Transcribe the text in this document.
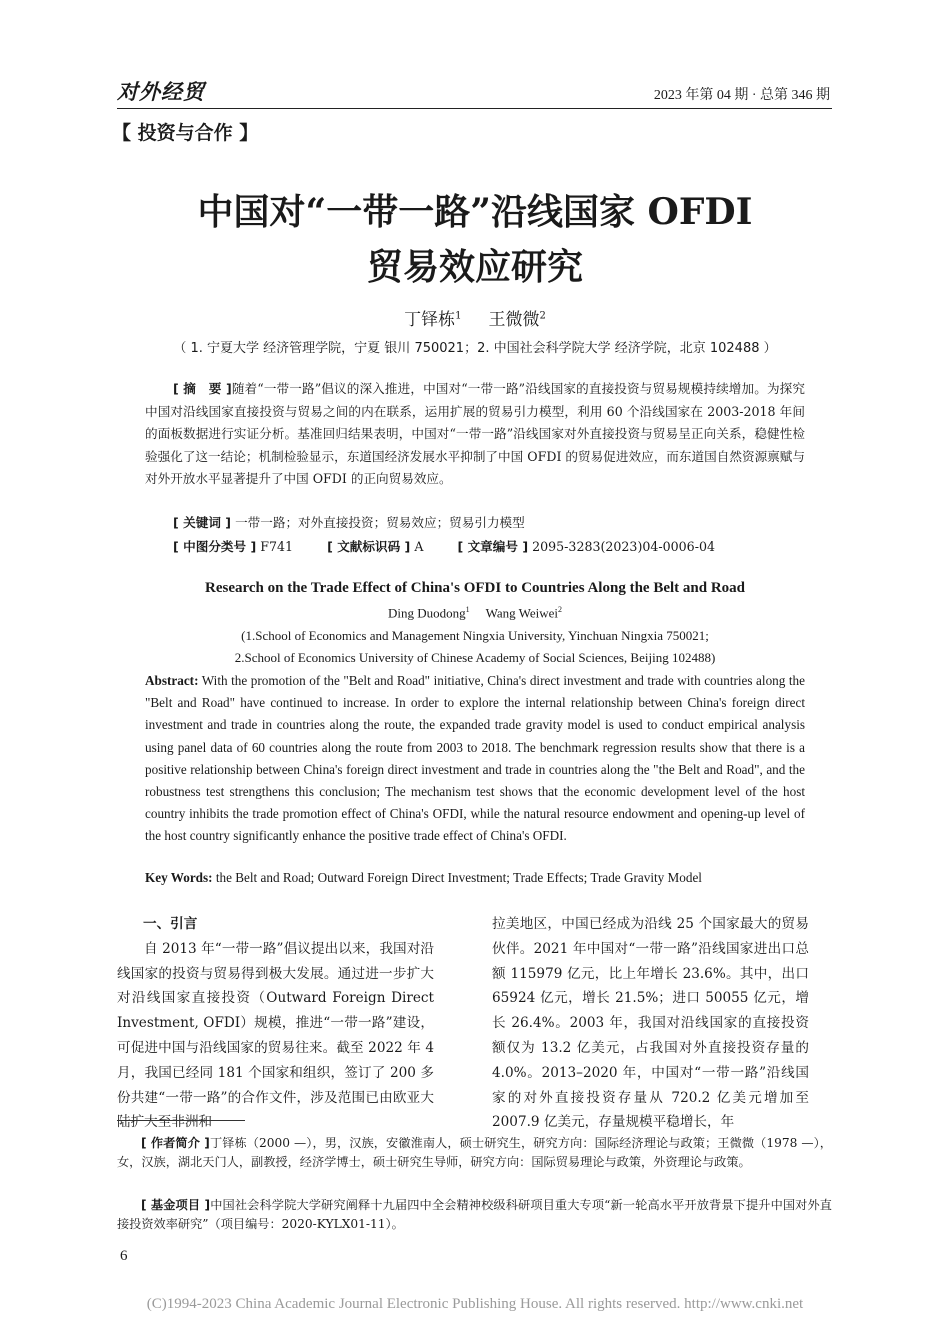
对外经贸	2023 年第 04 期 · 总第 346 期
【 投资与合作 】
中国对“一带一路”沿线国家 OFDI
贸易效应研究
丁铎栋$^1$ 王微微$^2$
（ 1. 宁夏大学 经济管理学院，宁夏 银川 750021；2. 中国社会科学院大学 经济学院，北京 102488 ）

[ 摘　要 ]随着“一带一路”倡议的深入推进，中国对“一带一路”沿线国家的直接投资与贸易规模持续增加。为探究中国对沿线国家直接投资与贸易之间的内在联系，运用扩展的贸易引力模型，利用 60 个沿线国家在 2003-2018 年间的面板数据进行实证分析。基准回归结果表明，中国对“一带一路”沿线国家对外直接投资与贸易呈正向关系，稳健性检验强化了这一结论；机制检验显示，东道国经济发展水平抑制了中国 OFDI 的贸易促进效应，而东道国自然资源禀赋与对外开放水平显著提升了中国 OFDI 的正向贸易效应。

[ 关键词 ] 一带一路；对外直接投资；贸易效应；贸易引力模型
[ 中图分类号 ] F741	[ 文献标识码 ] A	[ 文章编号 ] 2095-3283(2023)04-0006-04
Research on the Trade Effect of China's OFDI to Countries Along the Belt and Road
Ding Duodong$^1$ Wang Weiwei$^2$
(1.School of Economics and Management Ningxia University, Yinchuan Ningxia 750021;
2.School of Economics University of Chinese Academy of Social Sciences, Beijing 102488)

Abstract: With the promotion of the "Belt and Road" initiative, China's direct investment and trade with countries along the "Belt and Road" have continued to increase. In order to explore the internal relationship between China's foreign direct investment and trade in countries along the route, the expanded trade gravity model is used to conduct empirical analysis using panel data of 60 countries along the route from 2003 to 2018. The benchmark regression results show that there is a positive relationship between China's foreign direct investment and trade in countries along the "the Belt and Road", and the robustness test strengthens this conclusion; The mechanism test shows that the economic development level of the host country inhibits the trade promotion effect of China's OFDI, while the natural resource endowment and opening-up level of the host country significantly enhance the positive trade effect of China's OFDI.

Key Words: the Belt and Road; Outward Foreign Direct Investment; Trade Effects; Trade Gravity Model

一、引言

自 2013 年“一带一路”倡议提出以来，我国对沿线国家的投资与贸易得到极大发展。通过进一步扩大对沿线国家直接投资（Outward Foreign Direct Investment, OFDI）规模，推进“一带一路”建设，可促进中国与沿线国家的贸易往来。截至 2022 年 4 月，我国已经同 181 个国家和组织，签订了 200 多份共建“一带一路”的合作文件，涉及范围已由欧亚大陆扩大至非洲和

拉美地区，中国已经成为沿线 25 个国家最大的贸易伙伴。2021 年中国对“一带一路”沿线国家进出口总额 115979 亿元，比上年增长 23.6%。其中，出口 65924 亿元，增长 21.5%；进口 50055 亿元，增长 26.4%。2003 年，我国对沿线国家的直接投资额仅为 13.2 亿美元，占我国对外直接投资存量的 4.0%。2013–2020 年，中国对“一带一路”沿线国家的对外直接投资存量从 720.2 亿美元增加至 2007.9 亿美元，存量规模平稳增长，年

[ 作者简介 ]丁铎栋（2000 —），男，汉族，安徽淮南人，硕士研究生，研究方向：国际经济理论与政策；王微微（1978 —），女，汉族，湖北天门人，副教授，经济学博士，硕士研究生导师，研究方向：国际贸易理论与政策，外资理论与政策。

[ 基金项目 ]中国社会科学院大学研究阐释十九届四中全会精神校级科研项目重大专项“新一轮高水平开放背景下提升中国对外直接投资效率研究”（项目编号：2020-KYLX01-11）。

6
(C)1994-2023 China Academic Journal Electronic Publishing House. All rights reserved. http://www.cnki.net
